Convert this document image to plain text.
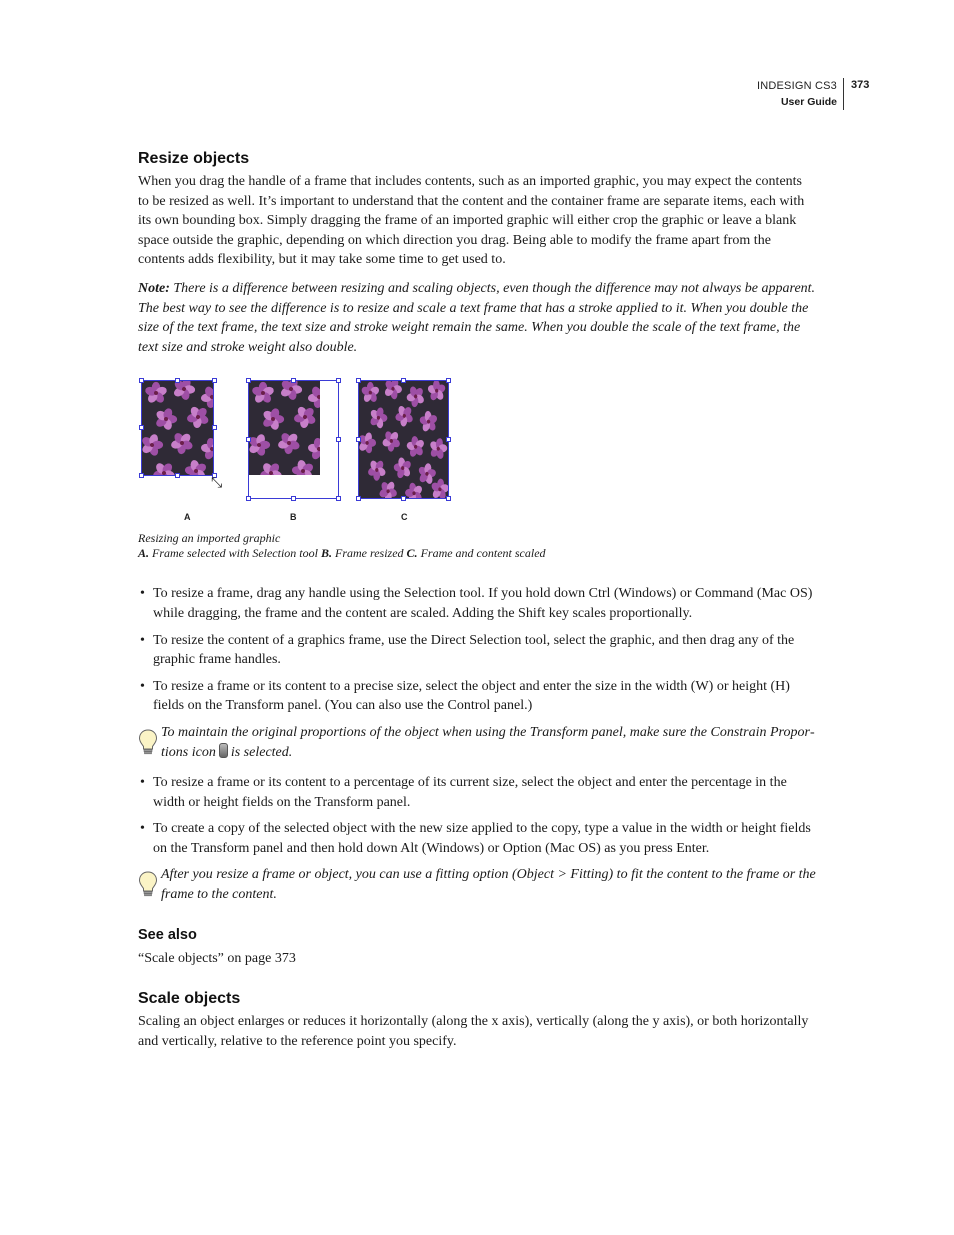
INDESIGN CS3
User Guide
373
Resize objects

When you drag the handle of a frame that includes contents, such as an imported graphic, you may expect the contents to be resized as well. It’s important to understand that the content and the container frame are separate items, each with its own bounding box. Simply dragging the frame of an imported graphic will either crop the graphic or leave a blank space outside the graphic, depending on which direction you drag. Being able to modify the frame apart from the contents adds flexibility, but it may take some time to get used to.

Note: There is a difference between resizing and scaling objects, even though the difference may not always be apparent. The best way to see the difference is to resize and scale a text frame that has a stroke applied to it. When you double the size of the text frame, the text size and stroke weight remain the same. When you double the scale of the text frame, the text size and stroke weight also double.

⤡
A	B	C
Resizing an imported graphic
A. Frame selected with Selection tool B. Frame resized C. Frame and content scaled
• To resize a frame, drag any handle using the Selection tool. If you hold down Ctrl (Windows) or Command (Mac OS) while dragging, the frame and the content are scaled. Adding the Shift key scales proportionally.
• To resize the content of a graphics frame, use the Direct Selection tool, select the graphic, and then drag any of the graphic frame handles.
• To resize a frame or its content to a precise size, select the object and enter the size in the width (W) or height (H) fields on the Transform panel. (You can also use the Control panel.)
To maintain the original proportions of the object when using the Transform panel, make sure the Constrain Proportions icon is selected.
• To resize a frame or its content to a percentage of its current size, select the object and enter the percentage in the width or height fields on the Transform panel.
• To create a copy of the selected object with the new size applied to the copy, type a value in the width or height fields on the Transform panel and then hold down Alt (Windows) or Option (Mac OS) as you press Enter.
After you resize a frame or object, you can use a fitting option (Object > Fitting) to fit the content to the frame or the frame to the content.
See also

“Scale objects” on page 373

Scale objects

Scaling an object enlarges or reduces it horizontally (along the x axis), vertically (along the y axis), or both horizontally and vertically, relative to the reference point you specify.
